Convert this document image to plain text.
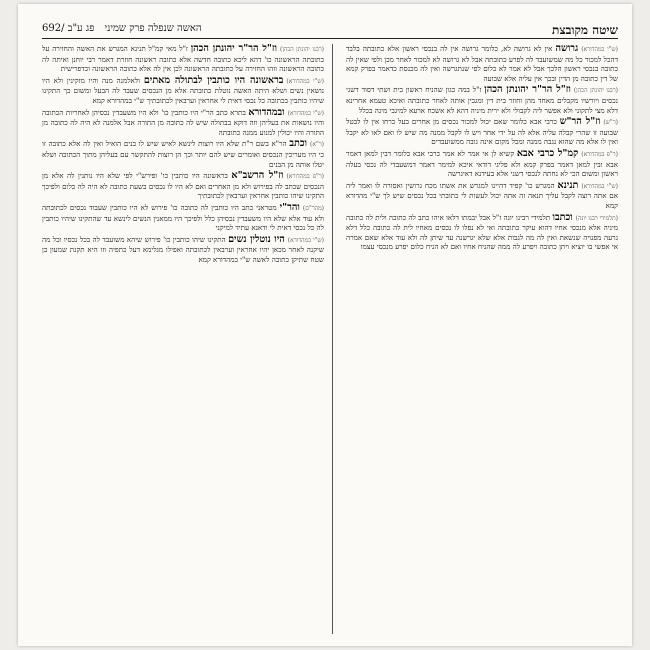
שיטה מקובצת
האשה שנפלה פרק שמיני
פג ע"ב /
692

(ש"י במהדורא)גרושה אין לא גרושה לא, כלומר גרושה אין לה בנכסי ראשון אלא כתובתה בלבד דהכל למכור כל מה שמשועבד לה לפרע כתובתה אבל לא גרושה לא למכור לאחר מכן ולפי שאין לה כתובה בנכסי ראשון הלכך אבל לא אמר לא כלום לפי שנתגרשה ואין לה מכנסת כדאמר בפרק קמא של דין כתובה מן הדין ובכך אין עליה אלא שבועה

(רבנו יהונתן הכהן)וז"ל הר"ר יהונתן הכהן ז"ל במה כגון שהניח ראשון בית ושתי דסוד דשני נכסים ויורשיו מקבלים מאחד מהן וחוזר בית דין ומגבין אותה לאחר כתובתה ואיכא טעמא אחרינא דלא מצי לתקוני ולא אפשר ליה לקבולי ולא ירית מיניה דהא לא אשכח ארעא למיגבי מינה בכלל

(ר"ש)וז"ל הר"ש כרבי אבא כלומר שאם יכול למכור נכסים מן אחרים בעל כרחו אין לו לבטל שבועה זו שהרי קבלה עליה אלא לה על ידי אחר ויש לו לקבל ממנה מה שיש לו ואם לאו לא יקבל ואין לו אלא מה שהוא נגבה ממנה ומכל מקום אינה גובה ממשועבדים

(ר"פ במהדורא)קמ"ל כרבי אבא קשיא לן אי אמר לא אמר כרבי אבא כלומר דבין למאן דאמר אבא ובין למאן דאמר בפרק קמא ולא פליגי דודאי איכא למימר דאמר דמשעבדי לה נכסי בעלה ראשון ומשום הכי לא נחתה לנכסי דשני אלא בעידנא דאיגרשה

(ש"י במהדורא)תנינא המגרש כו' קפיד דהיינו למגרש את אשתו מכח גרושין ואסורה לו ואמר ליה אם אתה רוצה לקבל עליך תנאה זה אתה יכול לעשות לי כתובתי בכל נכסים שיש לך ש"י מהדורא קמא

(תלמידי רבנו יונה)וכתבו תלמידי רבינו יונה ז"ל אבל יבמתו דלאו איהו כתב לה כתובה ולית לה כתובה מיניה אלא מנכסי אחיו דהוא עיקר כתובתה ואי לא נפלו לו נכסים מאחיו לית לה כתובה כלל דלא גרעה מפנויה שנשאת ואין לה מה לגבות אלא שלא יגרשנה עד שיתן לה ולא עוד אלא שאם אמרה אי אפשי בו יוציא ויתן כתובה ויפרע לה ממה שהניח אחיו ואם לא הניח כלום יפרע מנכסי עצמו

(רבנו יהונתן הכהן)וז"ל הר"ר יהונתן הכהן ז"ל מאי קמ"ל תנינא המגרש את האשה והחזירה על כתובתה הראשונה כו' דהא ליכא כתובה חדשה אלא כתובה ראשונה חוזרת דאמר רבי יוחנן ואיתה לה כתובה הראשונה וזהו החזירה על כתובתה הראשונה לכן אין לה אלא כתובה הראשונה וכדפרישית

(ש"י במהדורא)בראשונה היו כותבין לבתולה מאתים ולאלמנה מנה והיו מזקינין ולא היו נושאין נשים ושלא היתה האשה נוטלת כתובתה אלא מן הנכסים שעבד לה הבעל ומשום כך התקינו שיהיו כותבין בכתובה כל נכסי דאית לי אחראין וערבאין לכתובתיך ש"י במהדורא קמא

(ש"י במהדורא)ובמהדורא בתרא כתב הר"י היו כותבין כו' ולא היו משעבדין נכסיהן לאחריות הכתובה והיו נושאות את בעליהן וזה דוקא בבתולה שיש לה כתובה מן התורה אבל אלמנה לא היה לה כתובה מן התורה והיו יכולין למנוע ממנה כתובתה

(ר"א)וכתב הר"א בשם ר"ת שלא היו רוצות לינשא לאיש שיש לו בנים הואיל ואין לה אלא כתובה זו כי היו מעריכין הנכסים ואומרים שיש להם יותר וכך הן רוצות להתקשר עם בעליהן מתוך הכתובה ושלא יטלו אותה מן הבנים

(ר"פ במהדורא)וז"ל הרשב"א בראשונה היו כותבין כו' ופירש"י לפי שלא היו נותנין לה אלא מן הנכסים שכתב לה בפירוש ולא מן האחרים ואם לא היו לו נכסים בשעת כתובה לא היה לה כלום ולפיכך התקינו שיהו כותבין אחראין וערבאין לכתובתיך

(מהר"ם)והר"י מטראני כתב היו כותבין לה כתובה כו' פירוש לא היו כותבין שעבוד נכסים לכתובתה ולא עוד אלא שלא היו משעבדין נכסיהן כלל ולפיכך היו ממאנין הנשים לינשא עד שהתקינו שיהיו כותבין לה כל נכסי דאית לי ודאנא עתיד למיקני

(ש"י במהדורא)היו נוטלין נשים התקינו שיהו כותבין כו' פירוש שיהא משועבד לה בכל נכסיו וכל מה שיקנה לאחר מכאן יהיו אחראין וערבאין לכתובתה ואפילו מגלימא דעל כתפיה וזו היא תקנת שמעון בן שטח שתיקן כתובה לאשה ש"י במהדורא קמא
